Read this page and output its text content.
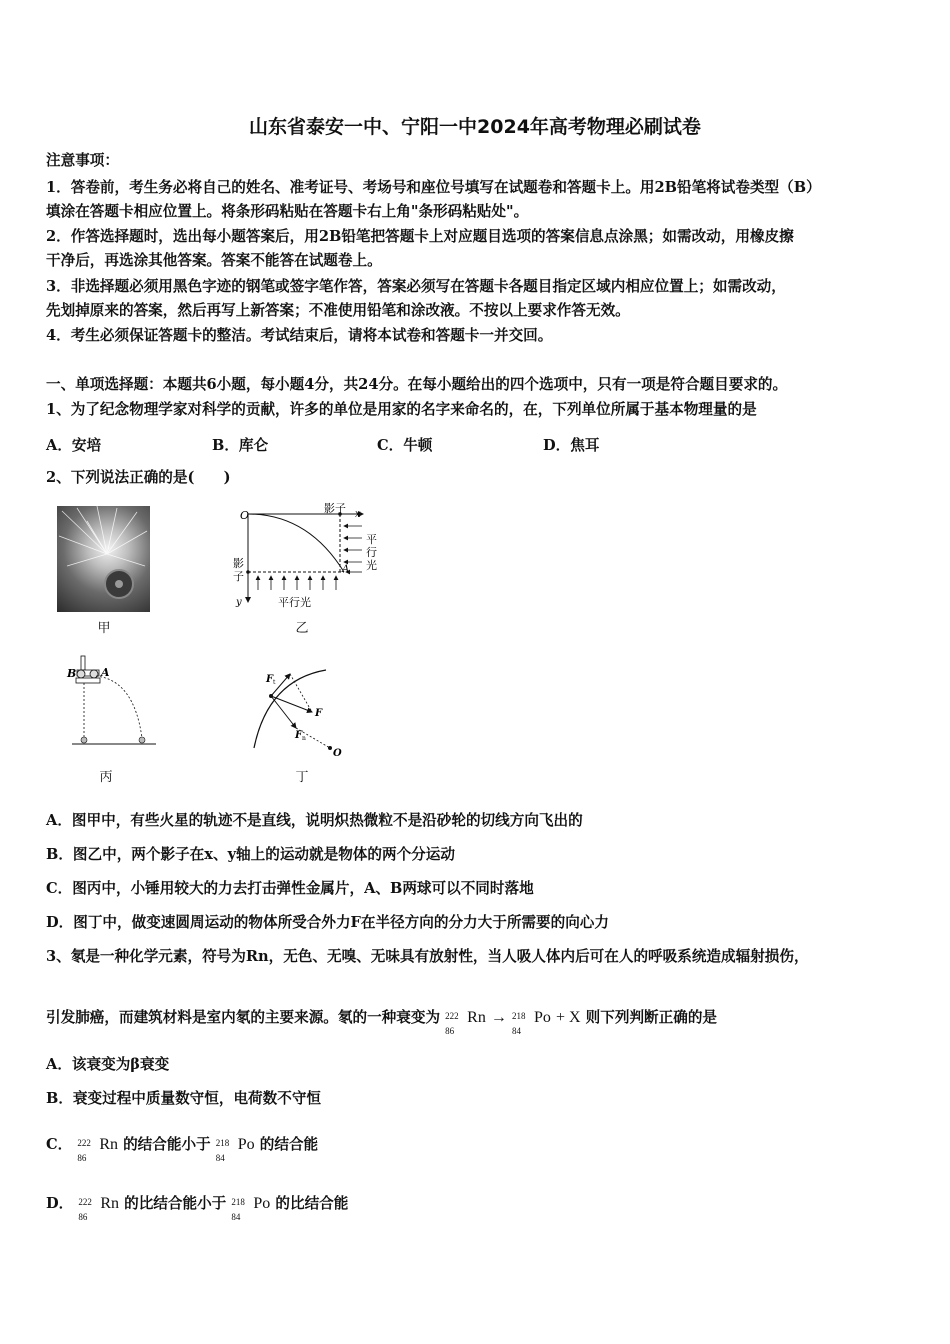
山东省泰安一中、宁阳一中2024年高考物理必刷试卷
注意事项：
1．答卷前，考生务必将自己的姓名、准考证号、考场号和座位号填写在试题卷和答题卡上。用2B铅笔将试卷类型（B）
填涂在答题卡相应位置上。将条形码粘贴在答题卡右上角"条形码粘贴处"。
2．作答选择题时，选出每小题答案后，用2B铅笔把答题卡上对应题目选项的答案信息点涂黑；如需改动，用橡皮擦
干净后，再选涂其他答案。答案不能答在试题卷上。
3．非选择题必须用黑色字迹的钢笔或签字笔作答，答案必须写在答题卡各题目指定区域内相应位置上；如需改动，
先划掉原来的答案，然后再写上新答案；不准使用铅笔和涂改液。不按以上要求作答无效。
4．考生必须保证答题卡的整洁。考试结束后，请将本试卷和答题卡一并交回。
一、单项选择题：本题共6小题，每小题4分，共24分。在每小题给出的四个选项中，只有一项是符合题目要求的。
1、为了纪念物理学家对科学的贡献，许多的单位是用家的名字来命名的，在，下列单位所属于基本物理量的是
A．安培	B．库仑	C．牛顿	D．焦耳
2、下列说法正确的是(　　)
甲
O	x
y
A
影子
影
子
平行光
平
行
光
乙
B A
丙
F t
F
F n
O
丁
A．图甲中，有些火星的轨迹不是直线，说明炽热微粒不是沿砂轮的切线方向飞出的
B．图乙中，两个影子在x、y轴上的运动就是物体的两个分运动
C．图丙中，小锤用较大的力去打击弹性金属片，A、B两球可以不同时落地
D．图丁中，做变速圆周运动的物体所受合外力F在半径方向的分力大于所需要的向心力
3、氡是一种化学元素，符号为Rn，无色、无嗅、无味具有放射性，当人吸人体内后可在人的呼吸系统造成辐射损伤，
引发肺癌，而建筑材料是室内氡的主要来源。氡的一种衰变为 222
86
Rn → 218
84
Po + X 则下列判断正确的是
A．该衰变为β衰变
B．衰变过程中质量数守恒，电荷数不守恒
C． 222
86
Rn 的结合能小于 218
84
Po 的结合能
D． 222
86
Rn 的比结合能小于 218
84
Po 的比结合能
